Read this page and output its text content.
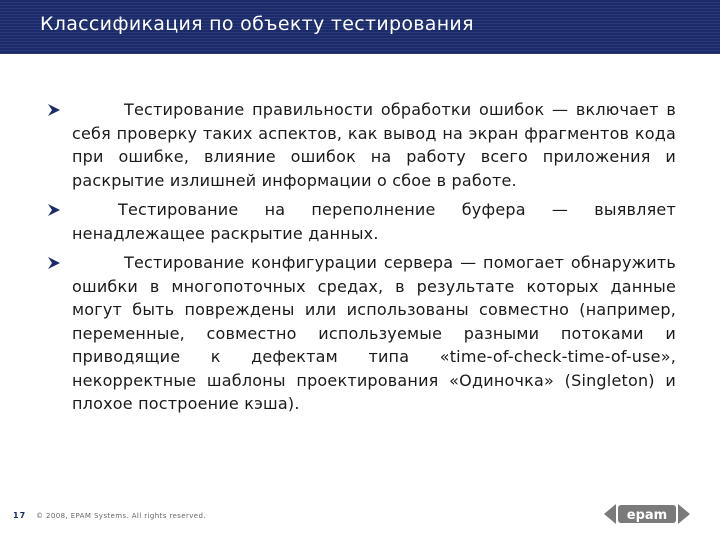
Классификация по объекту тестирования
Тестирование правильности обработки ошибок — включает в себя проверку таких аспектов, как вывод на экран фрагментов кода при ошибке, влияние ошибок на работу всего приложения и раскрытие излишней информации о сбое в работе.
Тестирование на переполнение буфера — выявляет ненадлежащее раскрытие данных.
Тестирование конфигурации сервера — помогает обнаружить ошибки в многопоточных средах, в результате которых данные могут быть повреждены или использованы совместно (например, переменные, совместно используемые разными потоками и приводящие к дефектам типа «time-of-check-time-of-use», некорректные шаблоны проектирования «Одиночка» (Singleton) и плохое построение кэша).
17 © 2008, EPAM Systems. All rights reserved.	epam
